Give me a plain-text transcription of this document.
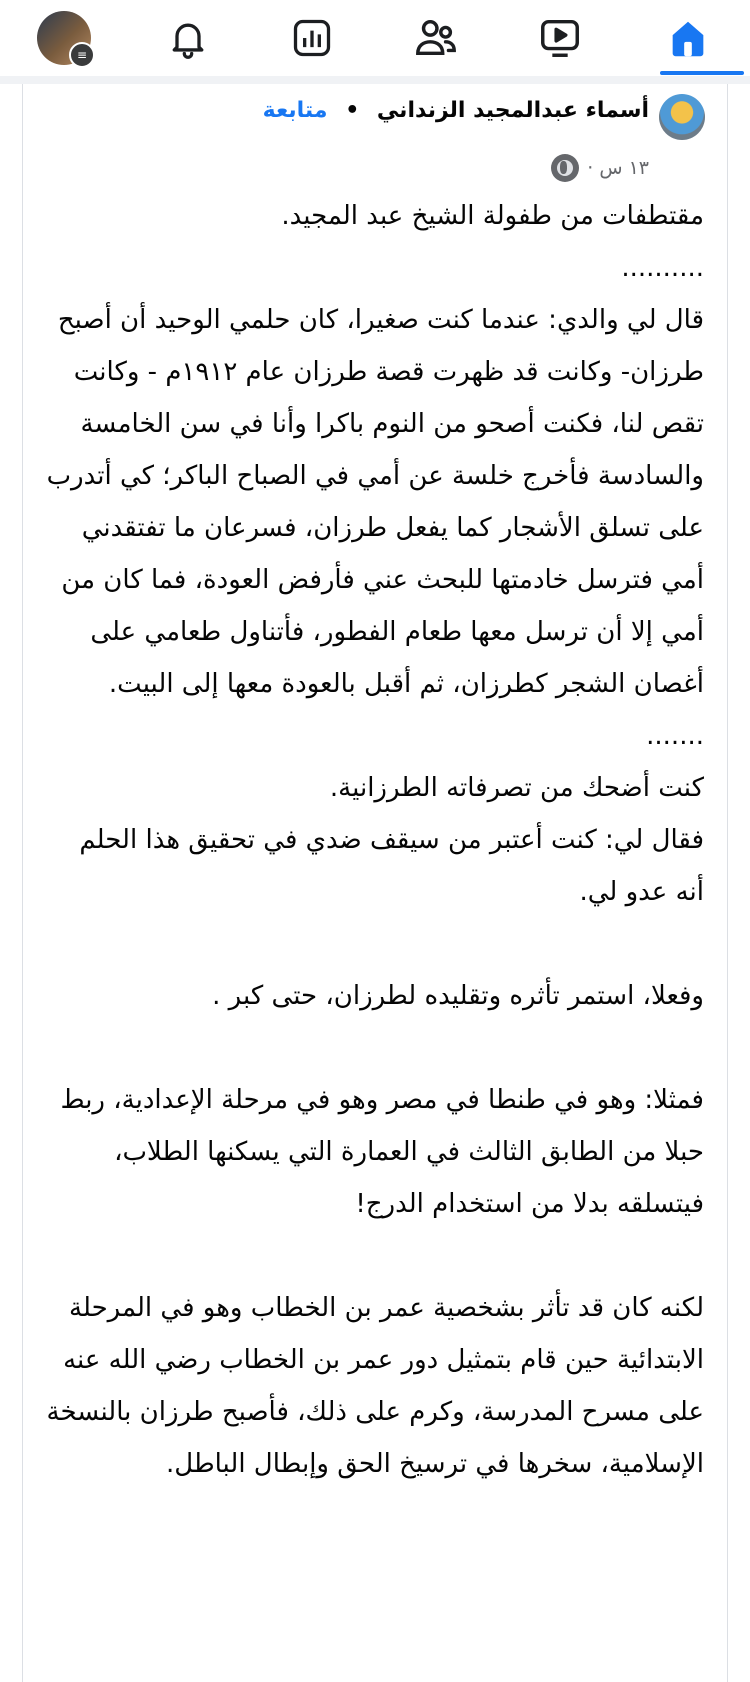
≡
أسماء عبدالمجيد الزنداني • متابعة
١٣ س ·

مقتطفات من طفولة الشيخ عبد المجيد.

..........

قال لي والدي: عندما كنت صغيرا، كان حلمي الوحيد أن أصبح طرزان- وكانت قد ظهرت قصة طرزان عام ١٩١٢م - وكانت تقص لنا، فكنت أصحو من النوم باكرا وأنا في سن الخامسة والسادسة فأخرج خلسة عن أمي في الصباح الباكر؛ كي أتدرب على تسلق الأشجار كما يفعل طرزان، فسرعان ما تفتقدني أمي فترسل خادمتها للبحث عني فأرفض العودة، فما كان من أمي إلا أن ترسل معها طعام الفطور، فأتناول طعامي على أغصان الشجر كطرزان، ثم أقبل بالعودة معها إلى البيت.

.......

كنت أضحك من تصرفاته الطرزانية.

فقال لي: كنت أعتبر من سيقف ضدي في تحقيق هذا الحلم أنه عدو لي.

وفعلا، استمر تأثره وتقليده لطرزان، حتى كبر .

فمثلا: وهو في طنطا في مصر وهو في مرحلة الإعدادية، ربط حبلا من الطابق الثالث في العمارة التي يسكنها الطلاب، فيتسلقه بدلا من استخدام الدرج!

لكنه كان قد تأثر بشخصية عمر بن الخطاب وهو في المرحلة الابتدائية حين قام بتمثيل دور عمر بن الخطاب رضي الله عنه على مسرح المدرسة، وكرم على ذلك، فأصبح طرزان بالنسخة الإسلامية، سخرها في ترسيخ الحق وإبطال الباطل.
